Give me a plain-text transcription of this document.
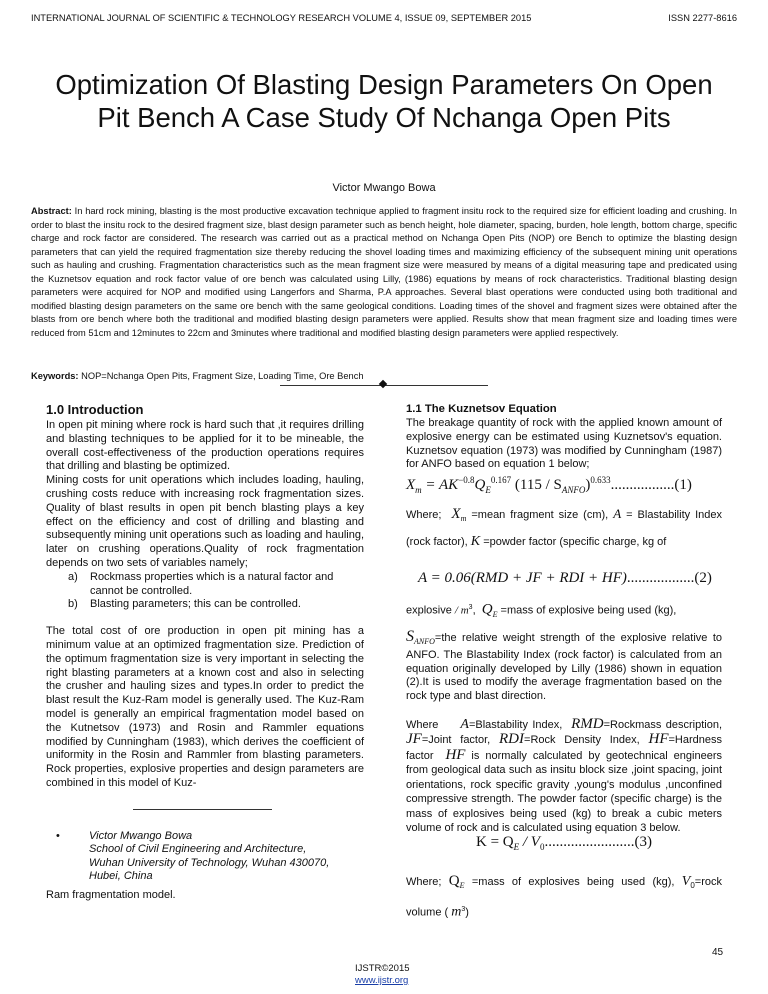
INTERNATIONAL JOURNAL OF SCIENTIFIC & TECHNOLOGY RESEARCH VOLUME 4, ISSUE 09, SEPTEMBER 2015	ISSN 2277-8616
Optimization Of Blasting Design Parameters On Open Pit Bench A Case Study Of Nchanga Open Pits
Victor Mwango Bowa
Abstract: In hard rock mining, blasting is the most productive excavation technique applied to fragment insitu rock to the required size for efficient loading and crushing. In order to blast the insitu rock to the desired fragment size, blast design parameter such as bench height, hole diameter, spacing, burden, hole length, bottom charge, specific charge and rock factor are considered. The research was carried out as a practical method on Nchanga Open Pits (NOP) ore Bench to optimize the blasting design parameters that can yield the required fragmentation size thereby reducing the shovel loading times and maximizing efficiency of the subsequent mining unit operations such as hauling and crushing. Fragmentation characteristics such as the mean fragment size were measured by means of a digital measuring tape and predicated using the Kuznetsov equation and rock factor value of ore bench was calculated using Lilly, (1986) equations by means of rock characteristics. Traditional blasting design parameters were acquired for NOP and modified using Langerfors and Sharma, P.A approaches. Several blast operations were conducted using both traditional and modified blasting design parameters on the same ore bench with the same geological conditions. Loading times of the shovel and fragment sizes were obtained after the blasts from ore bench where both the traditional and modified blasting design parameters were applied. Results show that mean fragment size and loading times were reduced from 51cm and 12minutes to 22cm and 3minutes where traditional and modified blasting design parameters were applied respectively.
Keywords: NOP=Nchanga Open Pits, Fragment Size, Loading Time, Ore Bench
1.0 Introduction

In open pit mining where rock is hard such that ,it requires drilling and blasting techniques to be applied for it to be mineable, the overall cost-effectiveness of the production operations requires that drilling and blasting be optimized.

Mining costs for unit operations which includes loading, hauling, crushing costs reduce with increasing rock fragmentation sizes. Quality of blast results in open pit bench blasting plays a key effect on the efficiency and cost of drilling and blasting and subsequently mining unit operations such as loading and hauling, later on crushing operations.Quality of rock fragmentation depends on two sets of variables namely;

a)	Rockmass properties which is a natural factor and cannot be controlled.
b)	Blasting parameters; this can be controlled.

The total cost of ore production in open pit mining has a minimum value at an optimized fragmentation size. Prediction of the optimum fragmentation size is very important in selecting the right blasting parameters at a known cost and also in selecting the crusher and hauling sizes and types.In order to predict the blast result the Kuz-Ram model is generally used. The Kuz-Ram model is generally an empirical fragmentation model based on the Kutnetsov (1973) and Rosin and Rammler equations modified by Cunningham (1983), which derives the coefficient of uniformity in the Rosin and Rammler from blasting parameters. Rock properties, explosive properties and design parameters are combined in this model of Kuz-

•	Victor Mwango Bowa
School of Civil Engineering and Architecture,
Wuhan University of Technology, Wuhan 430070,
Hubei, China

Ram fragmentation model.

1.1 The Kuznetsov Equation

The breakage quantity of rock with the applied known amount of explosive energy can be estimated using Kuznetsov's equation. Kuznetsov equation (1973) was modified by Cunningham (1987) for ANFO based on equation 1 below;

$X_m = AK^{-0.8}Q_E^{0.167}$ $(115 / S_{ANFO})^{0.633}.................(1)$

Where; $X_m$ =mean fragment size (cm), A = Blastability Index (rock factor), K =powder factor (specific charge, kg of

A = 0.06(RMD + JF + RDI + HF)..................(2)

explosive / $m^3$,  $Q_E$ =mass of explosive being used (kg),

$S_{ANFO}=the$ relative weight strength of the explosive relative to ANFO. The Blastability Index (rock factor) is calculated from an equation originally developed by Lilly (1986) shown in equation (2).It is used to modify the average fragmentation based on the rock type and blast direction.

Where A=Blastability Index, RMD=Rockmass description, JF=Joint factor, RDI=Rock Density Index, HF=Hardness factor HF is normally calculated by geotechnical engineers from geological data such as insitu block size ,joint spacing, joint orientations, rock specific gravity ,young's modulus ,unconfined compressive strength. The powder factor (specific charge) is the mass of explosives being used (kg) to break a cubic meters volume of rock and is calculated using equation 3 below.

$K = Q_E / V_0........................(3)$

Where; $Q_E$ =mass of explosives being used (kg), $V_0=rock$ volume ( $m^3$)

45
IJSTR©2015
www.ijstr.org
